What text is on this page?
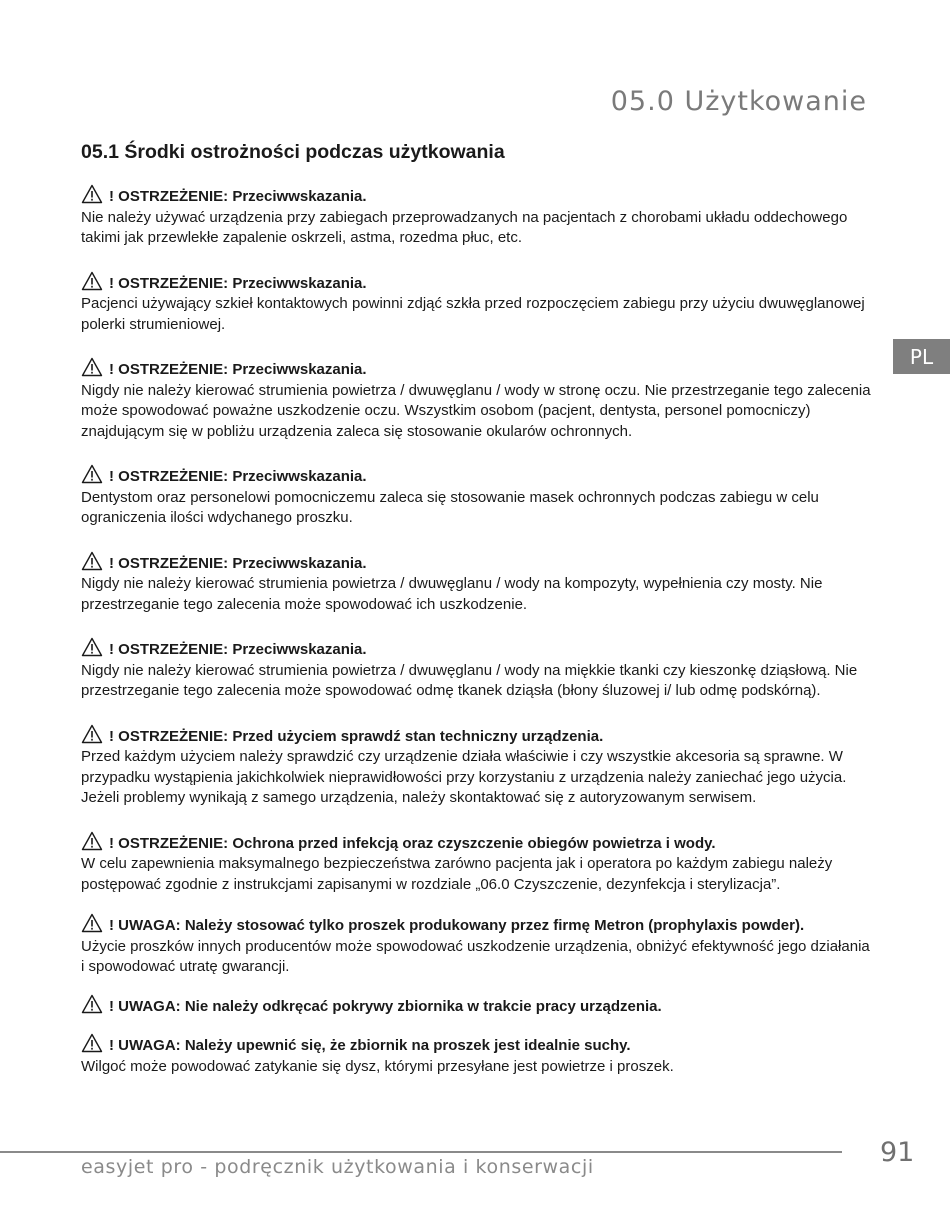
05.0 Użytkowanie
PL
05.1 Środki ostrożności podczas użytkowania
! OSTRZEŻENIE: Przeciwwskazania.
Nie należy używać urządzenia przy zabiegach przeprowadzanych na pacjentach z chorobami układu oddechowego takimi jak przewlekłe zapalenie oskrzeli, astma, rozedma płuc, etc.
! OSTRZEŻENIE: Przeciwwskazania.
Pacjenci używający szkieł kontaktowych powinni zdjąć szkła przed rozpoczęciem zabiegu przy użyciu dwuwęglanowej polerki strumieniowej.
! OSTRZEŻENIE: Przeciwwskazania.
Nigdy nie należy kierować strumienia powietrza / dwuwęglanu / wody w stronę oczu. Nie przestrzeganie tego zalecenia może spowodować poważne uszkodzenie oczu. Wszystkim osobom (pacjent, dentysta, personel pomocniczy) znajdującym się w pobliżu urządzenia zaleca się stosowanie okularów ochronnych.
! OSTRZEŻENIE: Przeciwwskazania.
Dentystom oraz personelowi pomocniczemu zaleca się stosowanie masek ochronnych podczas zabiegu w celu ograniczenia ilości wdychanego proszku.
! OSTRZEŻENIE: Przeciwwskazania.
Nigdy nie należy kierować strumienia powietrza / dwuwęglanu / wody na kompozyty, wypełnienia czy mosty. Nie przestrzeganie tego zalecenia może spowodować ich uszkodzenie.
! OSTRZEŻENIE: Przeciwwskazania.
Nigdy nie należy kierować strumienia powietrza / dwuwęglanu / wody na miękkie tkanki czy kieszonkę dziąsłową. Nie przestrzeganie tego zalecenia może spowodować odmę tkanek dziąsła (błony śluzowej i/ lub odmę podskórną).
! OSTRZEŻENIE: Przed użyciem sprawdź stan techniczny urządzenia.
Przed każdym użyciem należy sprawdzić czy urządzenie działa właściwie i czy wszystkie akcesoria są sprawne. W przypadku wystąpienia jakichkolwiek nieprawidłowości przy korzystaniu z urządzenia należy zaniechać jego użycia. Jeżeli problemy wynikają z samego urządzenia, należy skontaktować się z autoryzowanym serwisem.
! OSTRZEŻENIE: Ochrona przed infekcją oraz czyszczenie obiegów powietrza i wody.
W celu zapewnienia maksymalnego bezpieczeństwa zarówno pacjenta jak i operatora po każdym zabiegu należy postępować zgodnie z instrukcjami zapisanymi w rozdziale „06.0 Czyszczenie, dezynfekcja i sterylizacja”.
! UWAGA: Należy stosować tylko proszek produkowany przez firmę Metron (prophylaxis powder).
Użycie proszków innych producentów może spowodować uszkodzenie urządzenia, obniżyć efektywność jego działania i spowodować utratę gwarancji.
! UWAGA: Nie należy odkręcać pokrywy zbiornika w trakcie pracy urządzenia.
! UWAGA: Należy upewnić się, że zbiornik na proszek jest idealnie suchy.
Wilgoć może powodować zatykanie się dysz, którymi przesyłane jest powietrze i proszek.
easyjet pro - podręcznik użytkowania i konserwacji	91
